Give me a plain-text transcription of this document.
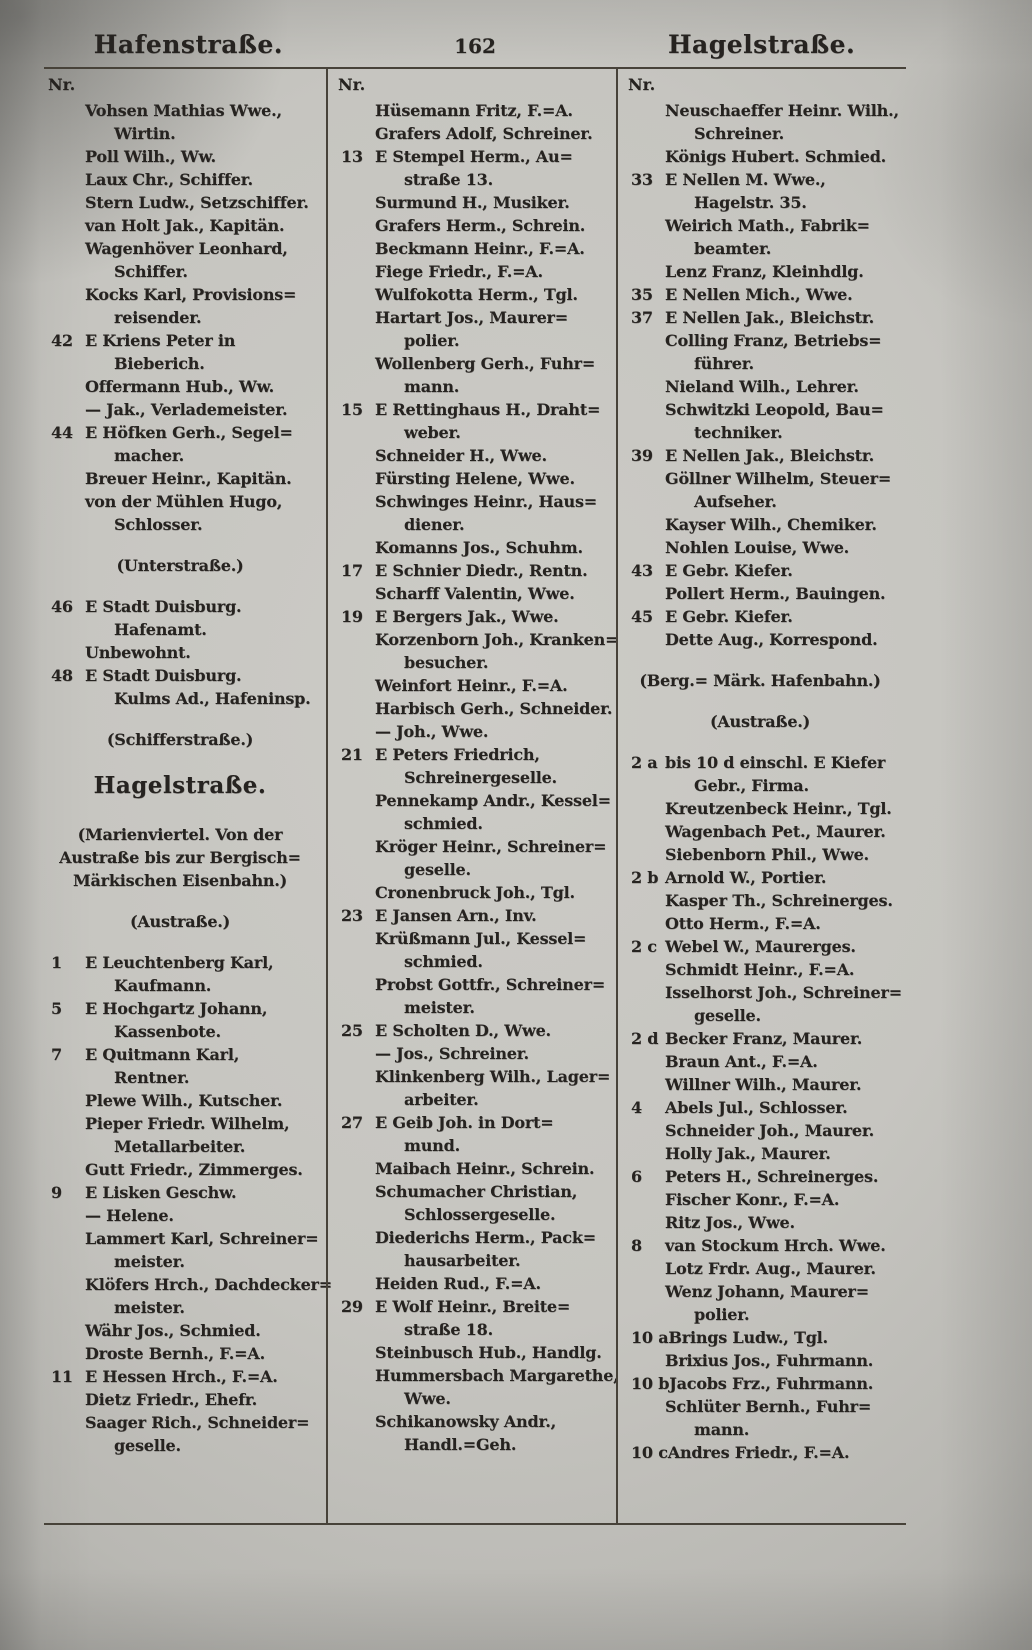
Hafenstraße.	162	Hagelstraße.
Nr.
Vohsen Mathias Wwe.,
Wirtin.
Poll Wilh., Ww.
Laux Chr., Schiffer.
Stern Ludw., Setzschiffer.
van Holt Jak., Kapitän.
Wagenhöver Leonhard,
Schiffer.
Kocks Karl, Provisions=
reisender.
42 E Kriens Peter in
Bieberich.
Offermann Hub., Ww.
— Jak., Verlademeister.
44 E Höfken Gerh., Segel=
macher.
Breuer Heinr., Kapitän.
von der Mühlen Hugo,
Schlosser.
(Unterstraße.)
46 E Stadt Duisburg.
Hafenamt.
Unbewohnt.
48 E Stadt Duisburg.
Kulms Ad., Hafeninsp.
(Schifferstraße.)
Hagelstraße.
(Marienviertel. Von der
Austraße bis zur Bergisch=
Märkischen Eisenbahn.)
(Austraße.)
1 E Leuchtenberg Karl,
Kaufmann.
5 E Hochgartz Johann,
Kassenbote.
7 E Quitmann Karl,
Rentner.
Plewe Wilh., Kutscher.
Pieper Friedr. Wilhelm,
Metallarbeiter.
Gutt Friedr., Zimmerges.
9 E Lisken Geschw.
— Helene.
Lammert Karl, Schreiner=
meister.
Klöfers Hrch., Dachdecker=
meister.
Währ Jos., Schmied.
Droste Bernh., F.=A.
11 E Hessen Hrch., F.=A.
Dietz Friedr., Ehefr.
Saager Rich., Schneider=
geselle.
Nr.
Hüsemann Fritz, F.=A.
Grafers Adolf, Schreiner.
13 E Stempel Herm., Au=
straße 13.
Surmund H., Musiker.
Grafers Herm., Schrein.
Beckmann Heinr., F.=A.
Fiege Friedr., F.=A.
Wulfokotta Herm., Tgl.
Hartart Jos., Maurer=
polier.
Wollenberg Gerh., Fuhr=
mann.
15 E Rettinghaus H., Draht=
weber.
Schneider H., Wwe.
Fürsting Helene, Wwe.
Schwinges Heinr., Haus=
diener.
Komanns Jos., Schuhm.
17 E Schnier Diedr., Rentn.
Scharff Valentin, Wwe.
19 E Bergers Jak., Wwe.
Korzenborn Joh., Kranken=
besucher.
Weinfort Heinr., F.=A.
Harbisch Gerh., Schneider.
— Joh., Wwe.
21 E Peters Friedrich,
Schreinergeselle.
Pennekamp Andr., Kessel=
schmied.
Kröger Heinr., Schreiner=
geselle.
Cronenbruck Joh., Tgl.
23 E Jansen Arn., Inv.
Krüßmann Jul., Kessel=
schmied.
Probst Gottfr., Schreiner=
meister.
25 E Scholten D., Wwe.
— Jos., Schreiner.
Klinkenberg Wilh., Lager=
arbeiter.
27 E Geib Joh. in Dort=
mund.
Maibach Heinr., Schrein.
Schumacher Christian,
Schlossergeselle.
Diederichs Herm., Pack=
hausarbeiter.
Heiden Rud., F.=A.
29 E Wolf Heinr., Breite=
straße 18.
Steinbusch Hub., Handlg.
Hummersbach Margarethe,
Wwe.
Schikanowsky Andr.,
Handl.=Geh.
Nr.
Neuschaeffer Heinr. Wilh.,
Schreiner.
Königs Hubert. Schmied.
33 E Nellen M. Wwe.,
Hagelstr. 35.
Weirich Math., Fabrik=
beamter.
Lenz Franz, Kleinhdlg.
35 E Nellen Mich., Wwe.
37 E Nellen Jak., Bleichstr.
Colling Franz, Betriebs=
führer.
Nieland Wilh., Lehrer.
Schwitzki Leopold, Bau=
techniker.
39 E Nellen Jak., Bleichstr.
Göllner Wilhelm, Steuer=
Aufseher.
Kayser Wilh., Chemiker.
Nohlen Louise, Wwe.
43 E Gebr. Kiefer.
Pollert Herm., Bauingen.
45 E Gebr. Kiefer.
Dette Aug., Korrespond.
(Berg.= Märk. Hafenbahn.)
(Austraße.)
2 a bis 10 d einschl. E Kiefer
Gebr., Firma.
Kreutzenbeck Heinr., Tgl.
Wagenbach Pet., Maurer.
Siebenborn Phil., Wwe.
2 b Arnold W., Portier.
Kasper Th., Schreinerges.
Otto Herm., F.=A.
2 c Webel W., Maurerges.
Schmidt Heinr., F.=A.
Isselhorst Joh., Schreiner=
geselle.
2 d Becker Franz, Maurer.
Braun Ant., F.=A.
Willner Wilh., Maurer.
4 Abels Jul., Schlosser.
Schneider Joh., Maurer.
Holly Jak., Maurer.
6 Peters H., Schreinerges.
Fischer Konr., F.=A.
Ritz Jos., Wwe.
8 van Stockum Hrch. Wwe.
Lotz Frdr. Aug., Maurer.
Wenz Johann, Maurer=
polier.
10 aBrings Ludw., Tgl.
Brixius Jos., Fuhrmann.
10 bJacobs Frz., Fuhrmann.
Schlüter Bernh., Fuhr=
mann.
10 cAndres Friedr., F.=A.
